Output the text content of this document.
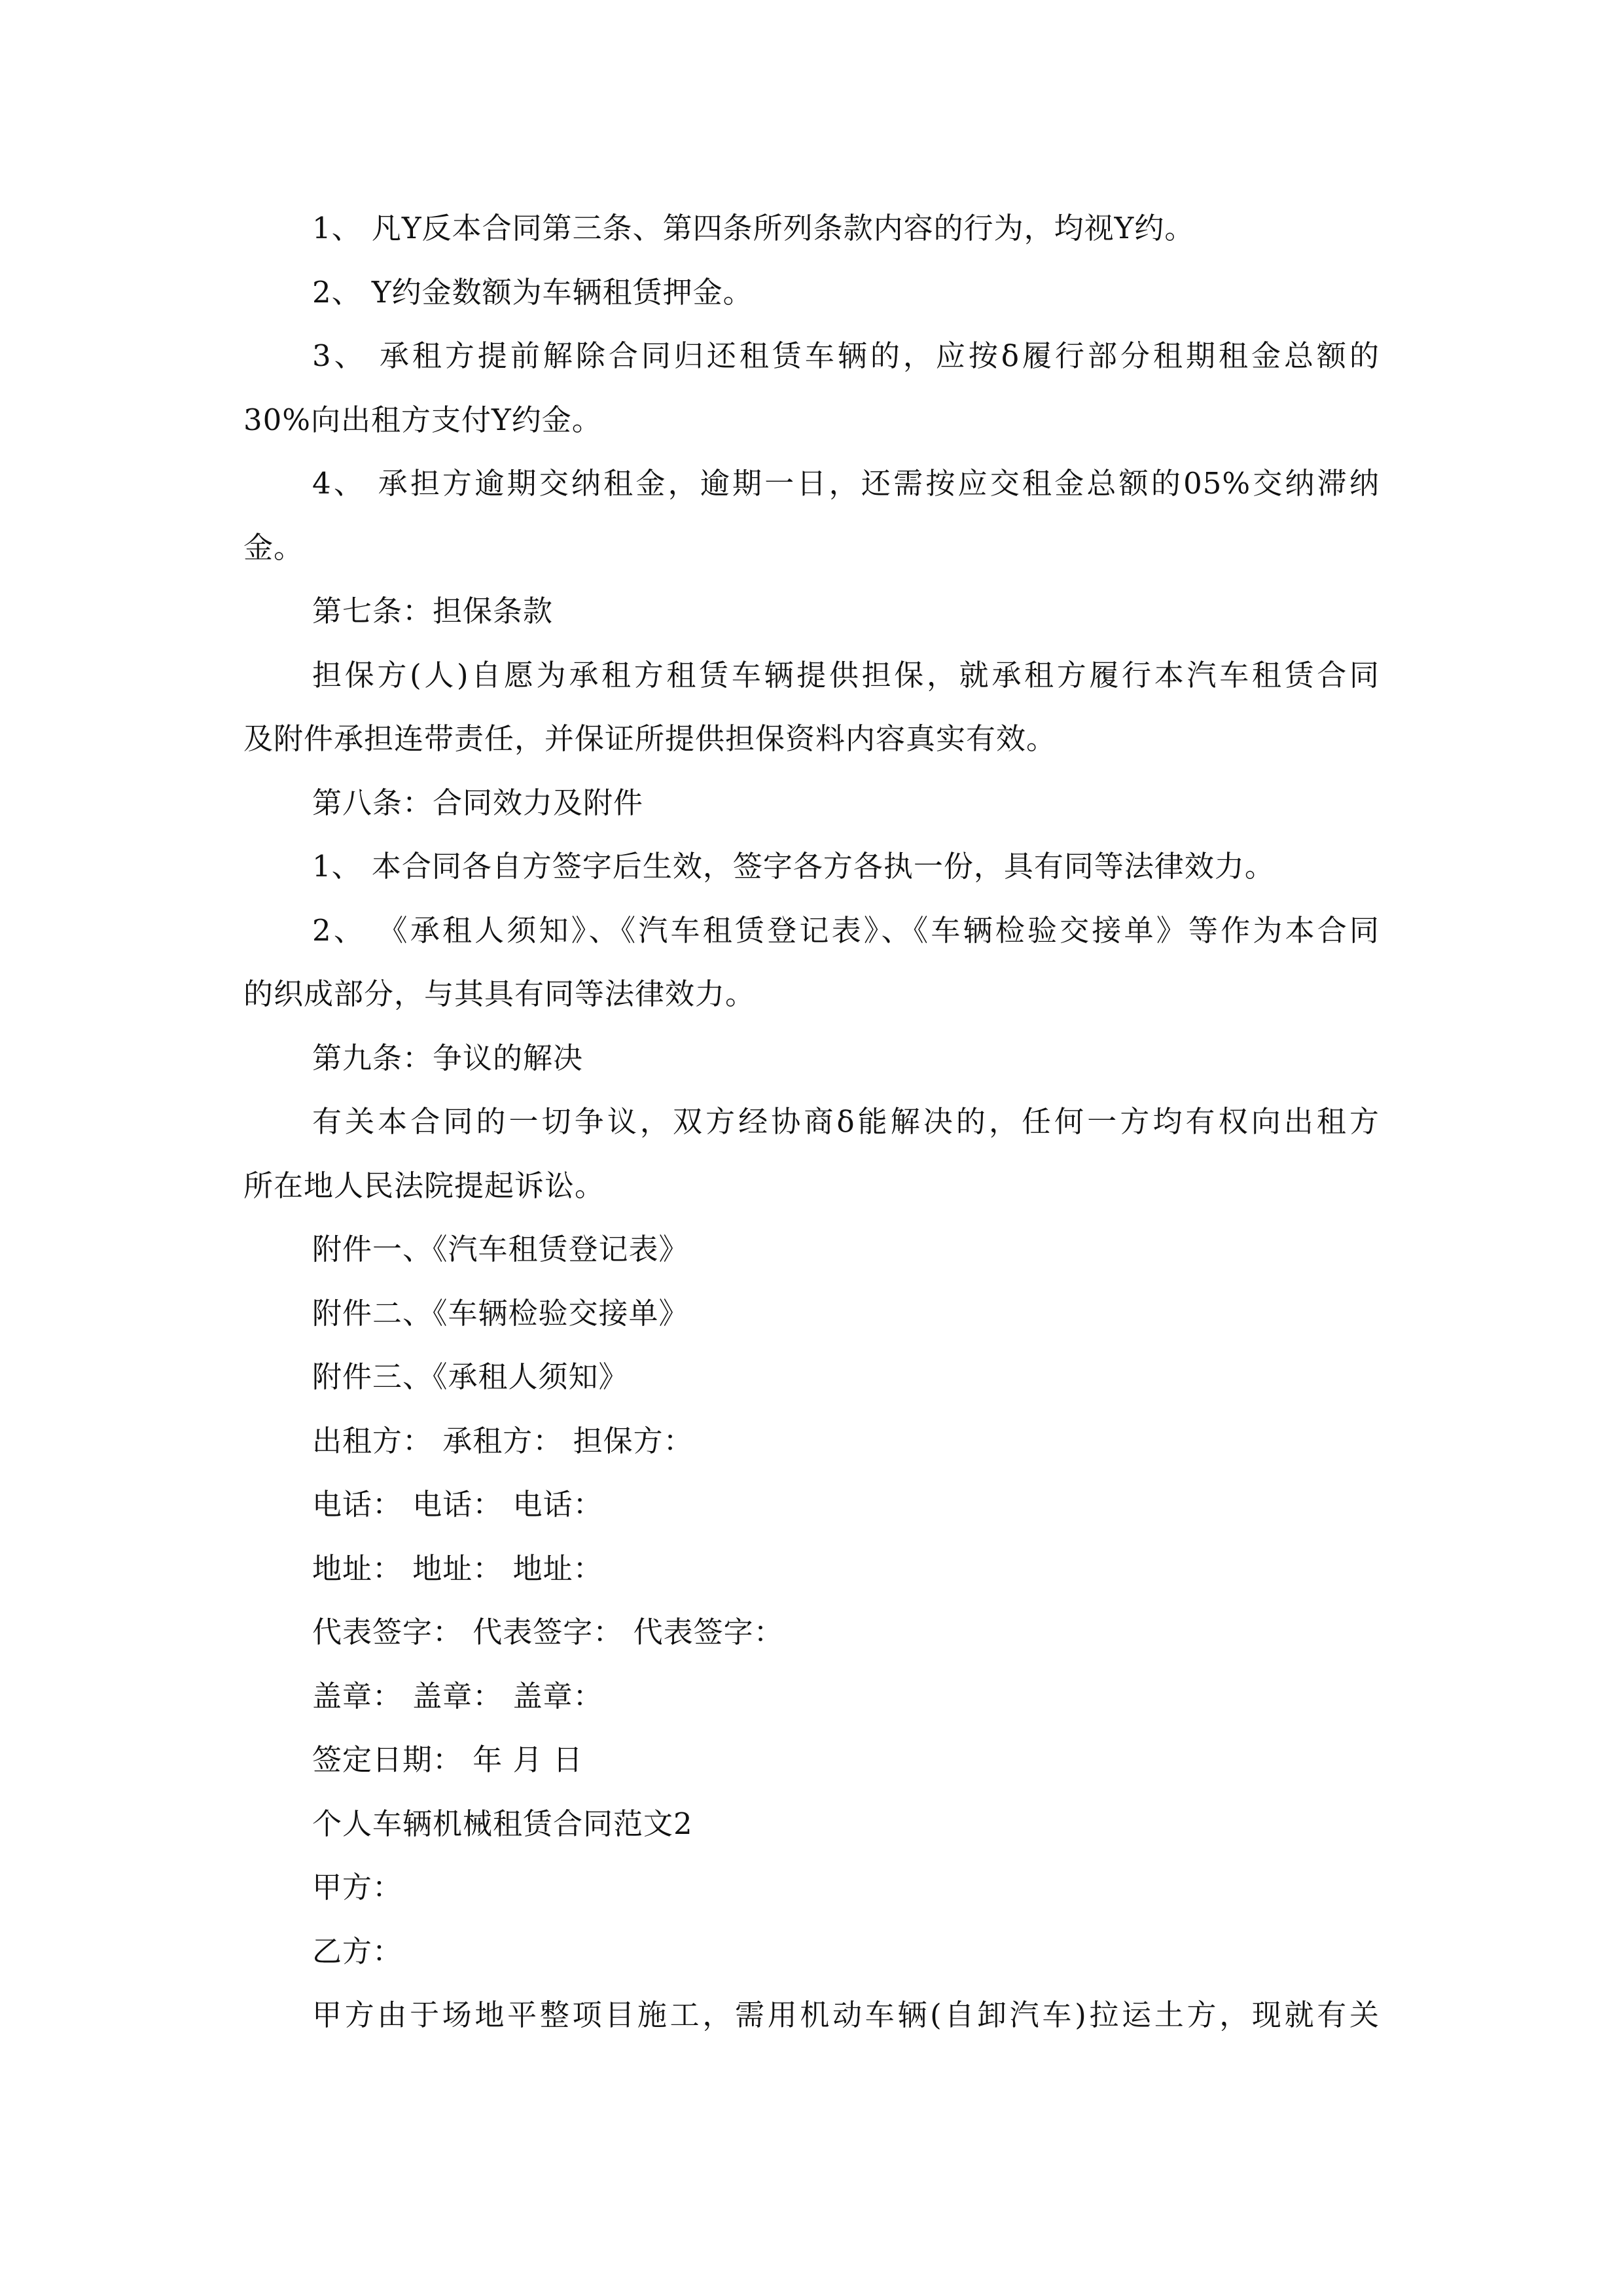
1、 凡Υ反本合同第三条、第四条所列条款内容的行为，均视Υ约。
2、 Υ约金数额为车辆租赁押金。
3、 承租方提前解除合同归还租赁车辆的，应按δ履行部分租期租金总额的
30%向出租方支付Υ约金。
4、 承担方逾期交纳租金，逾期一日，还需按应交租金总额的05%交纳滞纳
金。
第七条：担保条款
担保方(人)自愿为承租方租赁车辆提供担保，就承租方履行本汽车租赁合同
及附件承担连带责任，并保证所提供担保资料内容真实有效。
第八条：合同效力及附件
1、 本合同各自方签字后生效，签字各方各执一份，具有同等法律效力。
2、 《承租人须知》、《汽车租赁登记表》、《车辆检验交接单》等作为本合同
的织成部分，与其具有同等法律效力。
第九条：争议的解决
有关本合同的一切争议，双方经协商δ能解决的，任何一方均有权向出租方
所在地人民法院提起诉讼。
附件一、《汽车租赁登记表》
附件二、《车辆检验交接单》
附件三、《承租人须知》
出租方： 承租方： 担保方：
电话： 电话： 电话：
地址： 地址： 地址：
代表签字： 代表签字： 代表签字：
盖章： 盖章： 盖章：
签定日期： 年 月 日
个人车辆机械租赁合同范文2
甲方：
乙方：
甲方由于场地平整项目施工，需用机动车辆(自卸汽车)拉运土方，现就有关
